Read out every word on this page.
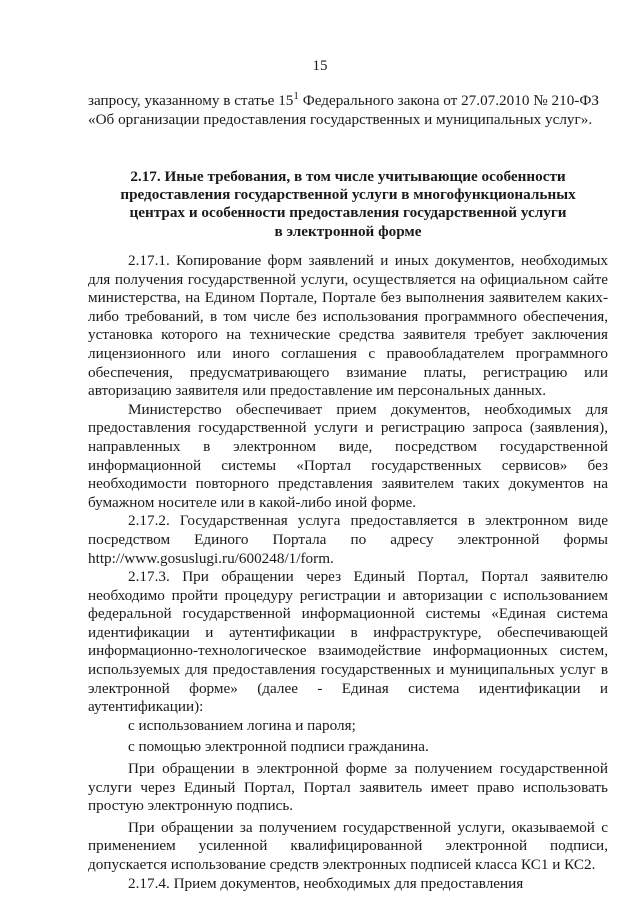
15

запросу, указанному в статье $15^1$ Федерального закона от 27.07.2010 № 210-ФЗ

«Об организации предоставления государственных и муниципальных услуг».

2.17. Иные требования, в том числе учитывающие особенности

предоставления государственной услуги в многофункциональных

центрах и особенности предоставления государственной услуги

в электронной форме

2.17.1. Копирование форм заявлений и иных документов, необходимых для получения государственной услуги, осуществляется на официальном сайте министерства, на Едином Портале, Портале без выполнения заявителем каких-либо требований, в том числе без использования программного обеспечения, установка которого на технические средства заявителя требует заключения лицензионного или иного соглашения с правообладателем программного обеспечения, предусматривающего взимание платы, регистрацию или авторизацию заявителя или предоставление им персональных данных.

Министерство обеспечивает прием документов, необходимых для предоставления государственной услуги и регистрацию запроса (заявления), направленных в электронном виде, посредством государственной информационной системы «Портал государственных сервисов» без необходимости повторного представления заявителем таких документов на бумажном носителе или в какой-либо иной форме.

2.17.2. Государственная услуга предоставляется в электронном виде посредством Единого Портала по адресу электронной формы http://www.gosuslugi.ru/600248/1/form.

2.17.3. При обращении через Единый Портал, Портал заявителю необходимо пройти процедуру регистрации и авторизации с использованием федеральной государственной информационной системы «Единая система идентификации и аутентификации в инфраструктуре, обеспечивающей информационно-технологическое взаимодействие информационных систем, используемых для предоставления государственных и муниципальных услуг в электронной форме» (далее - Единая система идентификации и аутентификации):

с использованием логина и пароля;

с помощью электронной подписи гражданина.

При обращении в электронной форме за получением государственной услуги через Единый Портал, Портал заявитель имеет право использовать простую электронную подпись.

При обращении за получением государственной услуги, оказываемой с применением усиленной квалифицированной электронной подписи, допускается использование средств электронных подписей класса КС1 и КС2.

2.17.4. Прием документов, необходимых для предоставления
